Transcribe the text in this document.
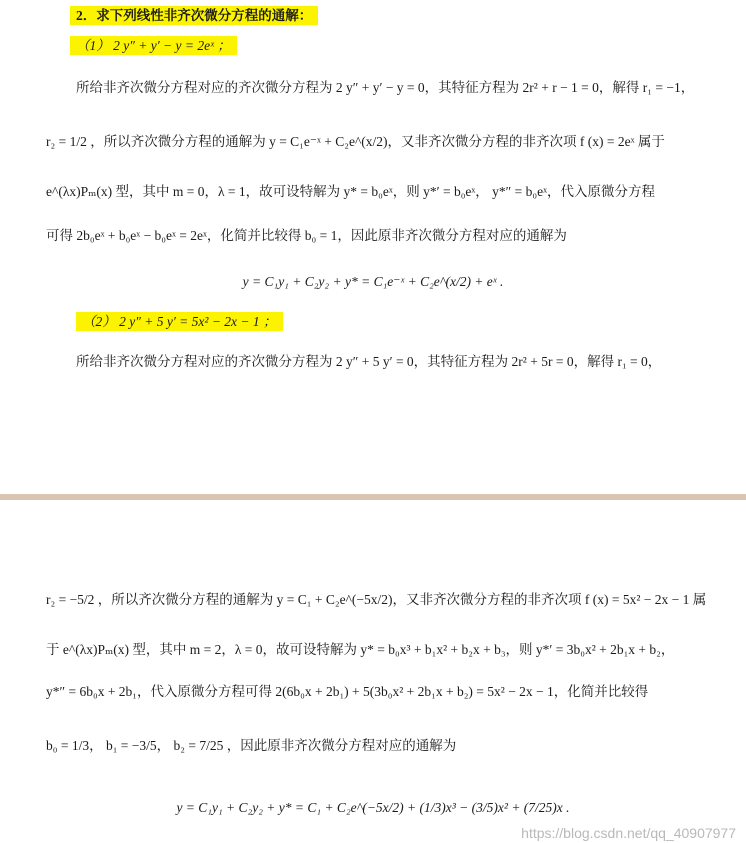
2．求下列线性非齐次微分方程的通解：
（1） 2 y″ + y′ − y = 2eˣ ；
所给非齐次微分方程对应的齐次微分方程为 2 y″ + y′ − y = 0，其特征方程为 2r² + r − 1 = 0，解得 r₁ = −1，
r₂ = 1/2 ，所以齐次微分方程的通解为 y = C₁e⁻ˣ + C₂e^(x/2)，又非齐次微分方程的非齐次项 f (x) = 2eˣ 属于
e^(λx)Pₘ(x) 型，其中 m = 0，λ = 1，故可设特解为 y* = b₀eˣ，则 y*′ = b₀eˣ， y*″ = b₀eˣ，代入原微分方程
可得 2b₀eˣ + b₀eˣ − b₀eˣ = 2eˣ，化简并比较得 b₀ = 1，因此原非齐次微分方程对应的通解为
y = C₁y₁ + C₂y₂ + y* = C₁e⁻ˣ + C₂e^(x/2) + eˣ .
（2） 2 y″ + 5 y′ = 5x² − 2x − 1 ；
所给非齐次微分方程对应的齐次微分方程为 2 y″ + 5 y′ = 0，其特征方程为 2r² + 5r = 0，解得 r₁ = 0，
r₂ = −5/2 ，所以齐次微分方程的通解为 y = C₁ + C₂e^(−5x/2)，又非齐次微分方程的非齐次项 f (x) = 5x² − 2x − 1 属
于 e^(λx)Pₘ(x) 型，其中 m = 2，λ = 0，故可设特解为 y* = b₀x³ + b₁x² + b₂x + b₃，则 y*′ = 3b₀x² + 2b₁x + b₂，
y*″ = 6b₀x + 2b₁，代入原微分方程可得 2(6b₀x + 2b₁) + 5(3b₀x² + 2b₁x + b₂) = 5x² − 2x − 1，化简并比较得
b₀ = 1/3， b₁ = −3/5， b₂ = 7/25 ，因此原非齐次微分方程对应的通解为
y = C₁y₁ + C₂y₂ + y* = C₁ + C₂e^(−5x/2) + (1/3)x³ − (3/5)x² + (7/25)x .
https://blog.csdn.net/qq_40907977
